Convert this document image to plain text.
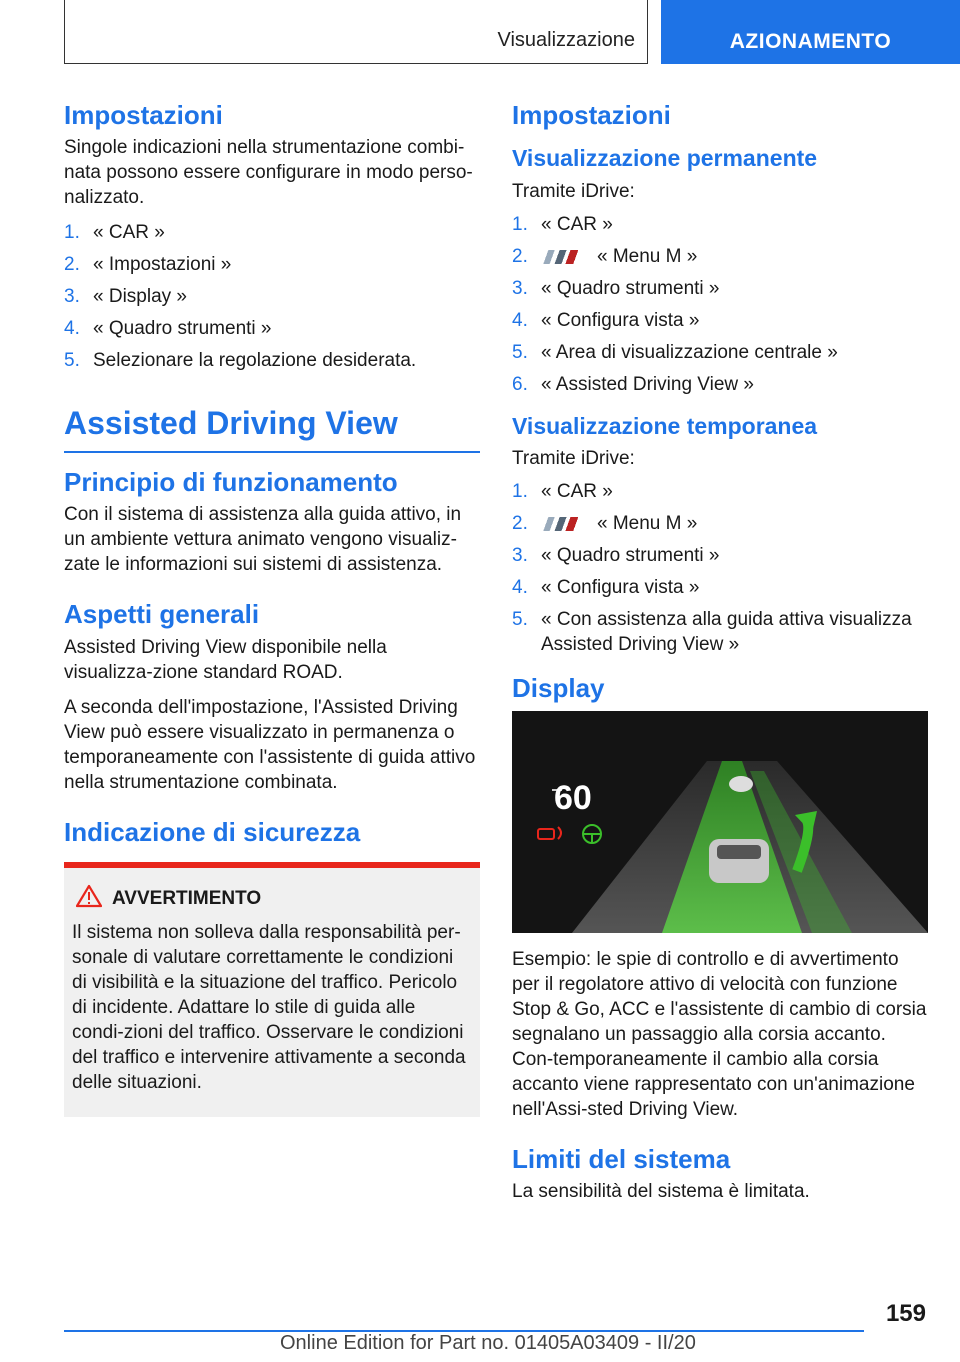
Visualizzazione	AZIONAMENTO
Impostazioni

Singole indicazioni nella strumentazione combi-nata possono essere configurare in modo perso-nalizzato.

1. « CAR »
2. « Impostazioni »
3. « Display »
4. « Quadro strumenti »
5. Selezionare la regolazione desiderata.
Assisted Driving View
Principio di funzionamento

Con il sistema di assistenza alla guida attivo, in un ambiente vettura animato vengono visualiz-zate le informazioni sui sistemi di assistenza.

Aspetti generali

Assisted Driving View disponibile nella visualizza-zione standard ROAD.

A seconda dell'impostazione, l'Assisted Driving View può essere visualizzato in permanenza o temporaneamente con l'assistente di guida attivo nella strumentazione combinata.

Indicazione di sicurezza
AVVERTIMENTO

Il sistema non solleva dalla responsabilità per-sonale di valutare correttamente le condizioni di visibilità e la situazione del traffico. Pericolo di incidente. Adattare lo stile di guida alle condi-zioni del traffico. Osservare le condizioni del traffico e intervenire attivamente a seconda delle situazioni.

Impostazioni
Visualizzazione permanente

Tramite iDrive:

1. « CAR »
2.	« Menu M »
3. « Quadro strumenti »
4. « Configura vista »
5. « Area di visualizzazione centrale »
6. « Assisted Driving View »
Visualizzazione temporanea

Tramite iDrive:

1. « CAR »
2.	« Menu M »
3. « Quadro strumenti »
4. « Configura vista »
5. « Con assistenza alla guida attiva visualizza Assisted Driving View »
Display
60

Esempio: le spie di controllo e di avvertimento per il regolatore attivo di velocità con funzione Stop & Go, ACC e l'assistente di cambio di corsia segnalano un passaggio alla corsia accanto. Con-temporaneamente il cambio alla corsia accanto viene rappresentato con un'animazione nell'Assi-sted Driving View.

Limiti del sistema

La sensibilità del sistema è limitata.

159
Online Edition for Part no. 01405A03409 - II/20
